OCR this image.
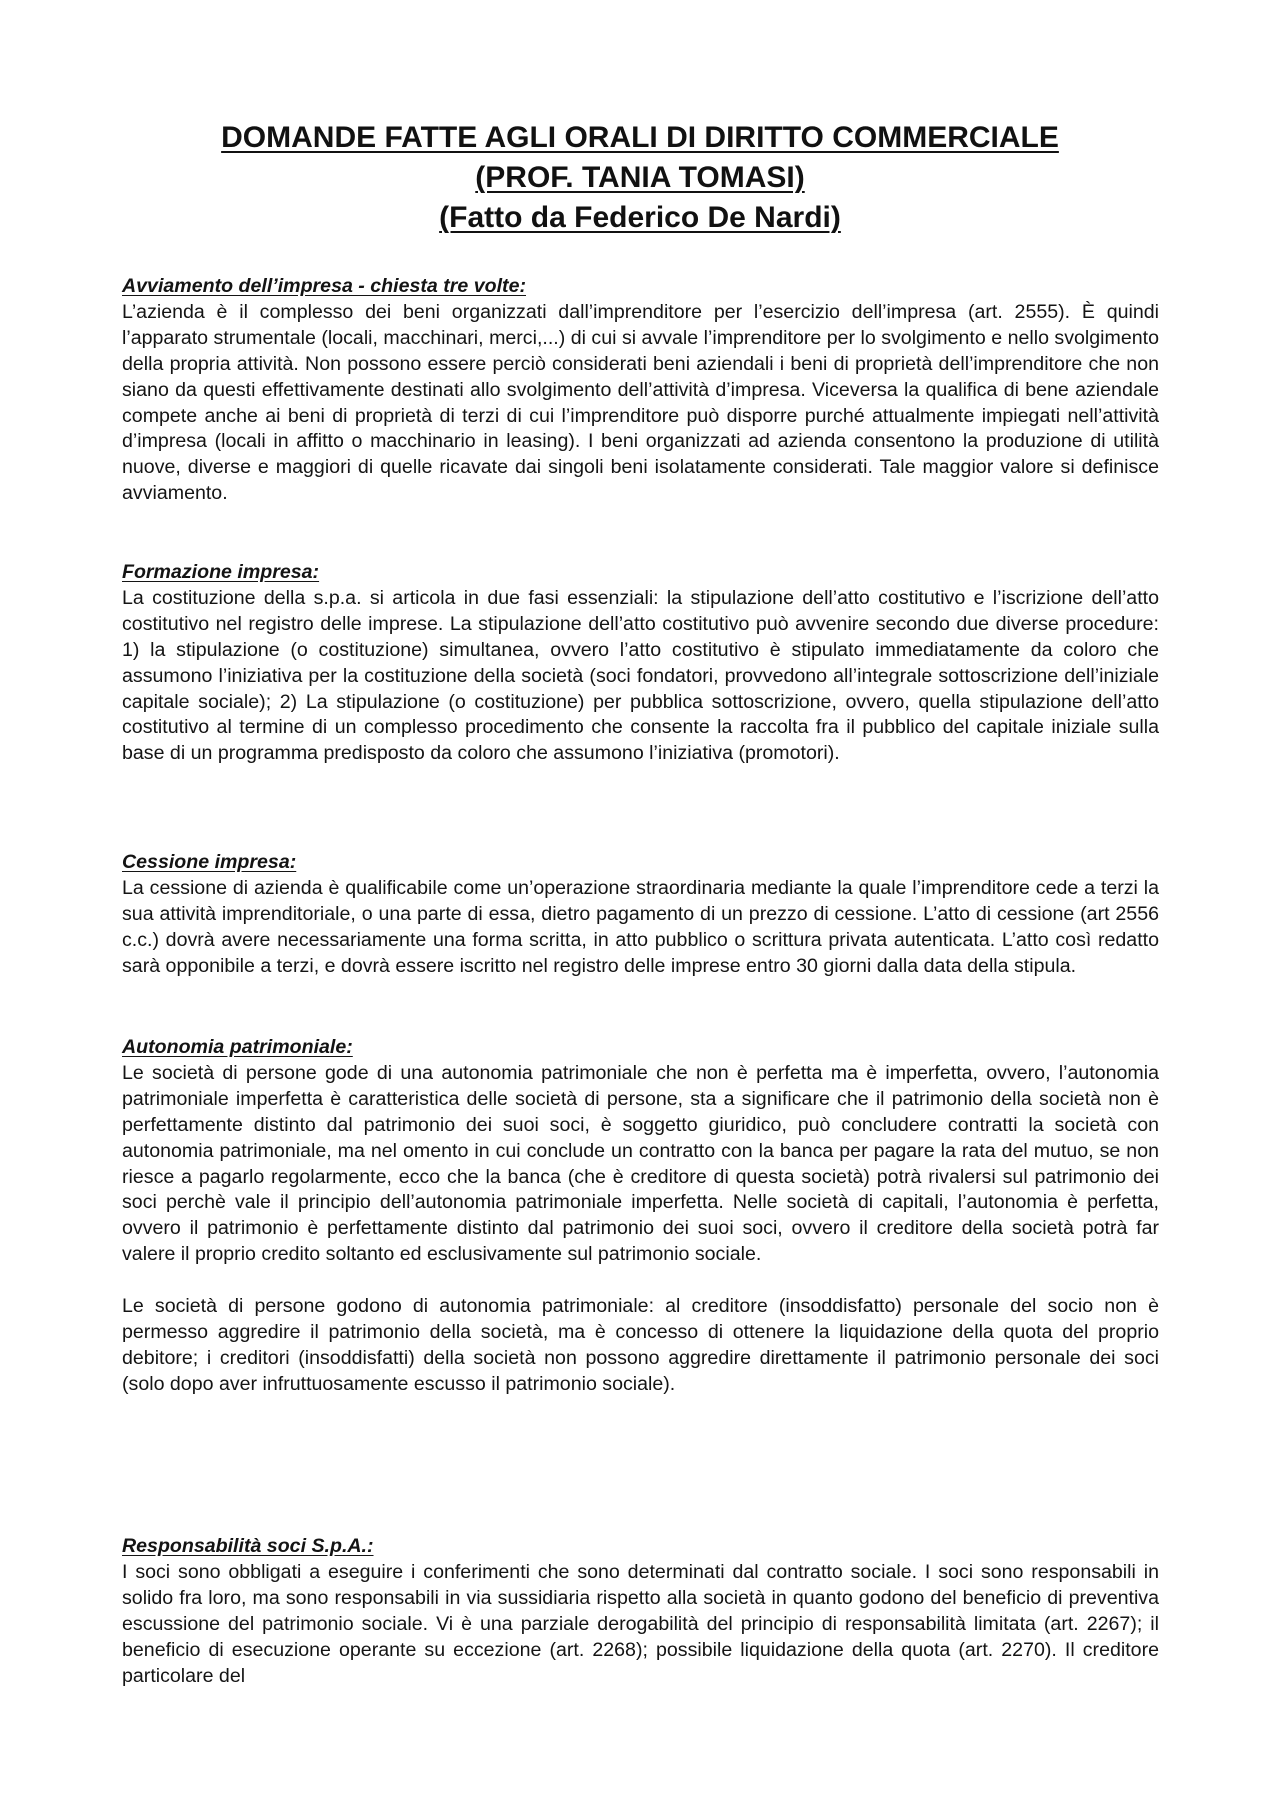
DOMANDE FATTE AGLI ORALI DI DIRITTO COMMERCIALE
(PROF. TANIA TOMASI)
(Fatto da Federico De Nardi)

Avviamento dell’impresa - chiesta tre volte:

L’azienda è il complesso dei beni organizzati dall’imprenditore per l’esercizio dell’impresa (art. 2555). È quindi l’apparato strumentale (locali, macchinari, merci,...) di cui si avvale l’imprenditore per lo svolgimento e nello svolgimento della propria attività. Non possono essere perciò considerati beni aziendali i beni di proprietà dell’imprenditore che non siano da questi effettivamente destinati allo svolgimento dell’attività d’impresa. Viceversa la qualifica di bene aziendale compete anche ai beni di proprietà di terzi di cui l’imprenditore può disporre purché attualmente impiegati nell’attività d’impresa (locali in affitto o macchinario in leasing). I beni organizzati ad azienda consentono la produzione di utilità nuove, diverse e maggiori di quelle ricavate dai singoli beni isolatamente considerati. Tale maggior valore si definisce avviamento.

Formazione impresa:

La costituzione della s.p.a. si articola in due fasi essenziali: la stipulazione dell’atto costitutivo e l’iscrizione dell’atto costitutivo nel registro delle imprese. La stipulazione dell’atto costitutivo può avvenire secondo due diverse procedure: 1) la stipulazione (o costituzione) simultanea, ovvero l’atto costitutivo è stipulato immediatamente da coloro che assumono l’iniziativa per la costituzione della società (soci fondatori, provvedono all’integrale sottoscrizione dell’iniziale capitale sociale); 2) La stipulazione (o costituzione) per pubblica sottoscrizione, ovvero, quella stipulazione dell’atto costitutivo al termine di un complesso procedimento che consente la raccolta fra il pubblico del capitale iniziale sulla base di un programma predisposto da coloro che assumono l’iniziativa (promotori).

Cessione impresa:

La cessione di azienda è qualificabile come un’operazione straordinaria mediante la quale l’imprenditore cede a terzi la sua attività imprenditoriale, o una parte di essa, dietro pagamento di un prezzo di cessione. L’atto di cessione (art 2556 c.c.) dovrà avere necessariamente una forma scritta, in atto pubblico o scrittura privata autenticata. L’atto così redatto sarà opponibile a terzi, e dovrà essere iscritto nel registro delle imprese entro 30 giorni dalla data della stipula.

Autonomia patrimoniale:

Le società di persone gode di una autonomia patrimoniale che non è perfetta ma è imperfetta, ovvero, l’autonomia patrimoniale imperfetta è caratteristica delle società di persone, sta a significare che il patrimonio della società non è perfettamente distinto dal patrimonio dei suoi soci, è soggetto giuridico, può concludere contratti la società con autonomia patrimoniale, ma nel omento in cui conclude un contratto con la banca per pagare la rata del mutuo, se non riesce a pagarlo regolarmente, ecco che la banca (che è creditore di questa società) potrà rivalersi sul patrimonio dei soci perchè vale il principio dell’autonomia patrimoniale imperfetta. Nelle società di capitali, l’autonomia è perfetta, ovvero il patrimonio è perfettamente distinto dal patrimonio dei suoi soci, ovvero il creditore della società potrà far valere il proprio credito soltanto ed esclusivamente sul patrimonio sociale.

Le società di persone godono di autonomia patrimoniale: al creditore (insoddisfatto) personale del socio non è permesso aggredire il patrimonio della società, ma è concesso di ottenere la liquidazione della quota del proprio debitore; i creditori (insoddisfatti) della società non possono aggredire direttamente il patrimonio personale dei soci (solo dopo aver infruttuosamente escusso il patrimonio sociale).

Responsabilità soci S.p.A.:

I soci sono obbligati a eseguire i conferimenti che sono determinati dal contratto sociale. I soci sono responsabili in solido fra loro, ma sono responsabili in via sussidiaria rispetto alla società in quanto godono del beneficio di preventiva escussione del patrimonio sociale. Vi è una parziale derogabilità del principio di responsabilità limitata (art. 2267); il beneficio di esecuzione operante su eccezione (art. 2268); possibile liquidazione della quota (art. 2270). Il creditore particolare del
